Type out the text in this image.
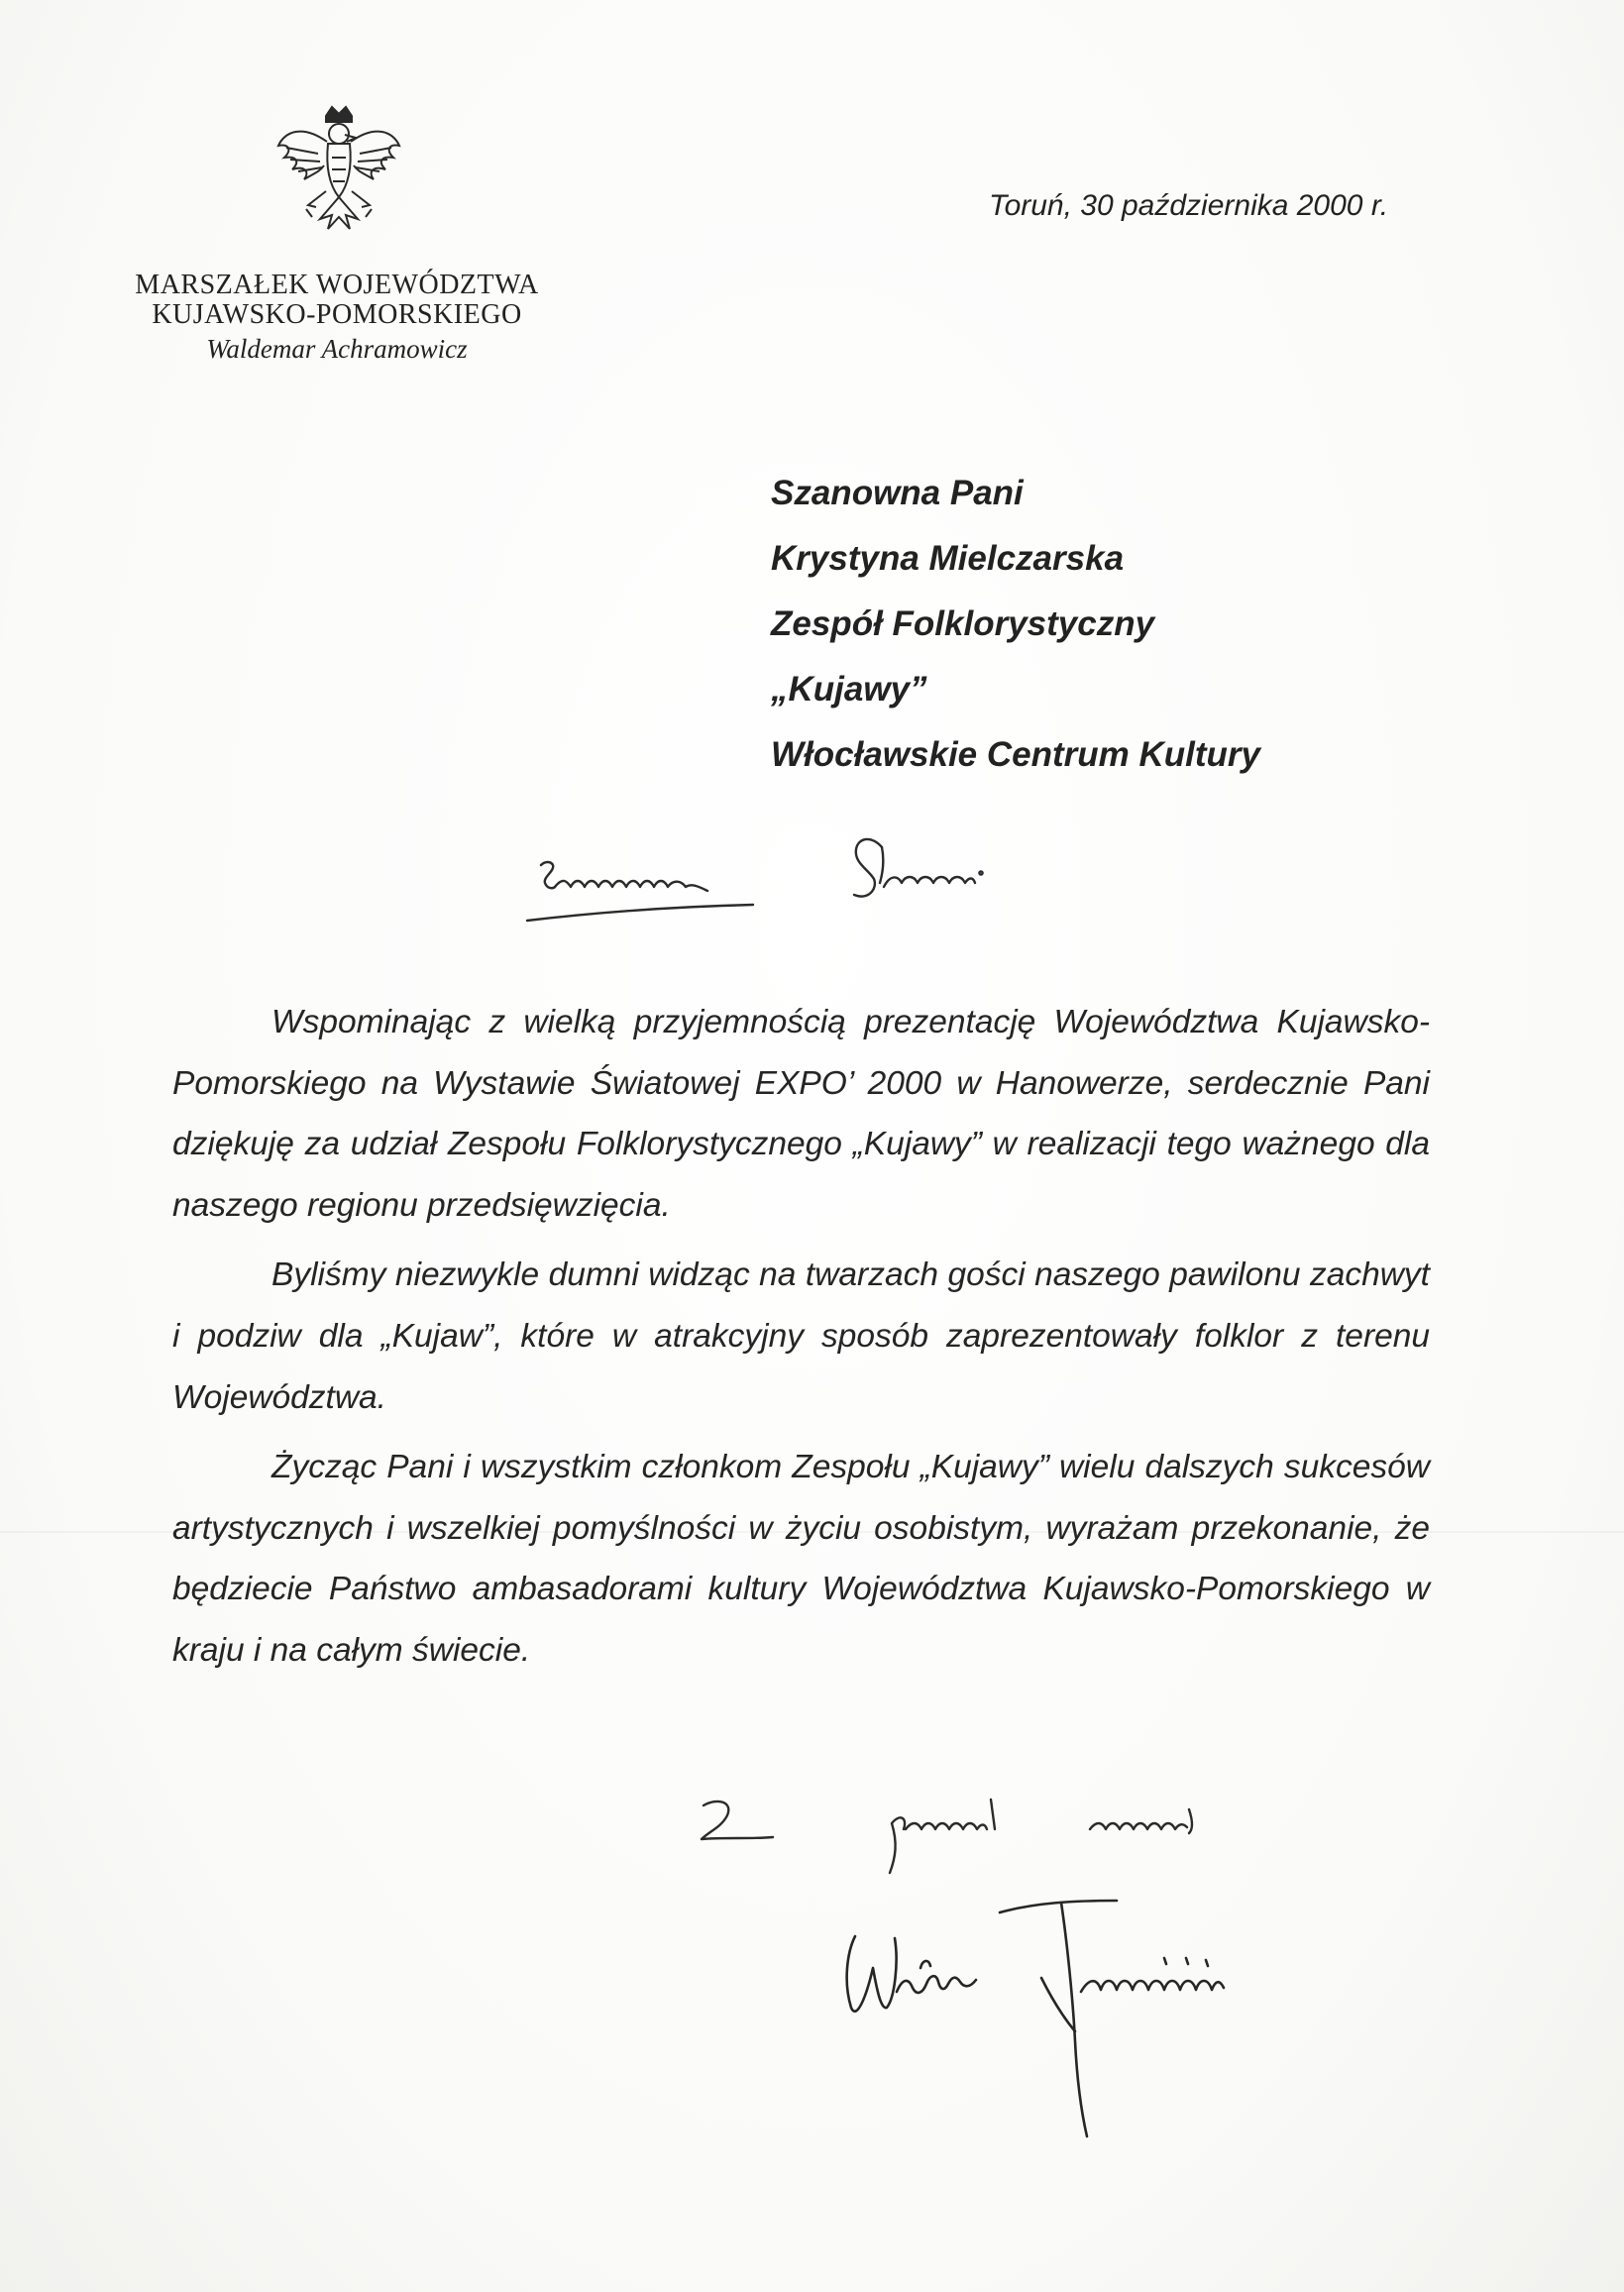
MARSZAŁEK WOJEWÓDZTWA
KUJAWSKO-POMORSKIEGO
Waldemar Achramowicz
Toruń, 30 października 2000 r.
Szanowna Pani
Krystyna Mielczarska
Zespół Folklorystyczny
„Kujawy”
Włocławskie Centrum Kultury

Wspominając z wielką przyjemnością prezentację Województwa Kujawsko-Pomorskiego na Wystawie Światowej EXPO’ 2000 w Hanowerze, serdecznie Pani dziękuję za udział Zespołu Folklorystycznego „Kujawy” w realizacji tego ważnego dla naszego regionu przedsięwzięcia.

Byliśmy niezwykle dumni widząc na twarzach gości naszego pawilonu zachwyt i podziw dla „Kujaw”, które w atrakcyjny sposób zaprezentowały folklor z terenu Województwa.

Życząc Pani i wszystkim członkom Zespołu „Kujawy” wielu dalszych sukcesów artystycznych i wszelkiej pomyślności w życiu osobistym, wyrażam przekonanie, że będziecie Państwo ambasadorami kultury Województwa Kujawsko-Pomorskiego w kraju i na całym świecie.
